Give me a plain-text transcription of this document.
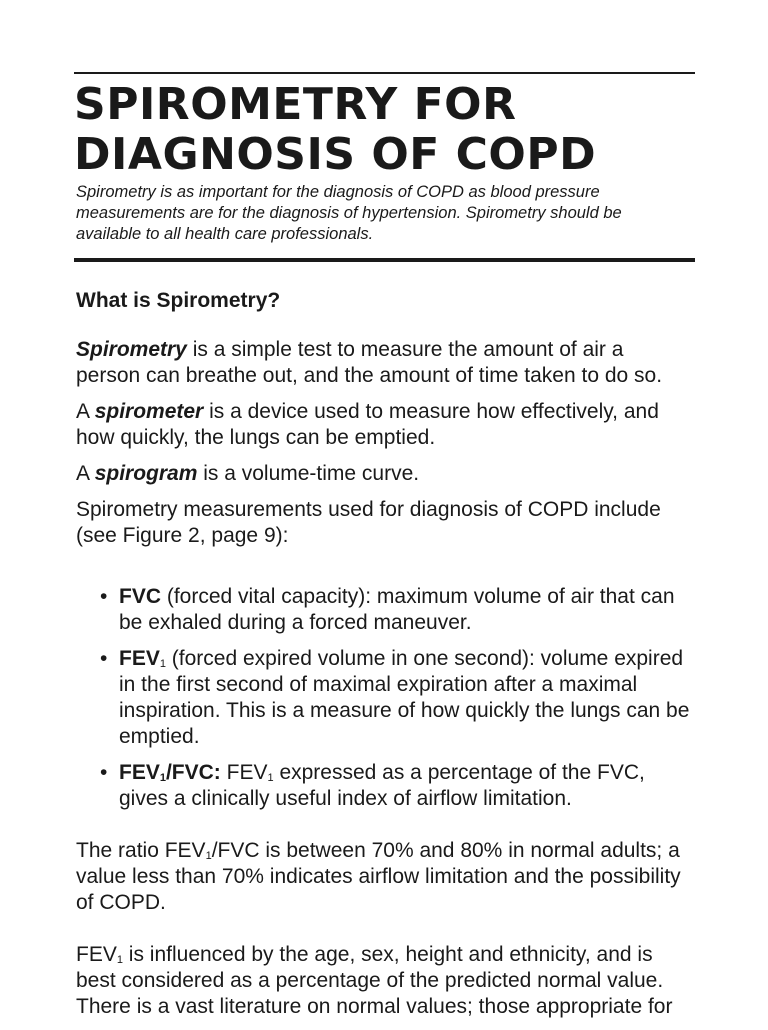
SPIROMETRY FOR
DIAGNOSIS OF COPD

Spirometry is as important for the diagnosis of COPD as blood pressure measurements are for the diagnosis of hypertension. Spirometry should be available to all health care professionals.

What is Spirometry?

Spirometry is a simple test to measure the amount of air a person can breathe out, and the amount of time taken to do so.

A spirometer is a device used to measure how effectively, and how quickly, the lungs can be emptied.

A spirogram is a volume-time curve.

Spirometry measurements used for diagnosis of COPD include (see Figure 2, page 9):

• FVC (forced vital capacity): maximum volume of air that can be exhaled during a forced maneuver.
• $FEV_1$ (forced expired volume in one second): volume expired in the first second of maximal expiration after a maximal inspiration. This is a measure of how quickly the lungs can be emptied.
• $FEV_1$/FVC: $FEV_1$ expressed as a percentage of the FVC, gives a clinically useful index of airflow limitation.

The ratio $FEV_1$/FVC is between 70% and 80% in normal adults; a value less than 70% indicates airflow limitation and the possibility of COPD.

$FEV_1$ is influenced by the age, sex, height and ethnicity, and is best considered as a percentage of the predicted normal value. There is a vast literature on normal values; those appropriate for
